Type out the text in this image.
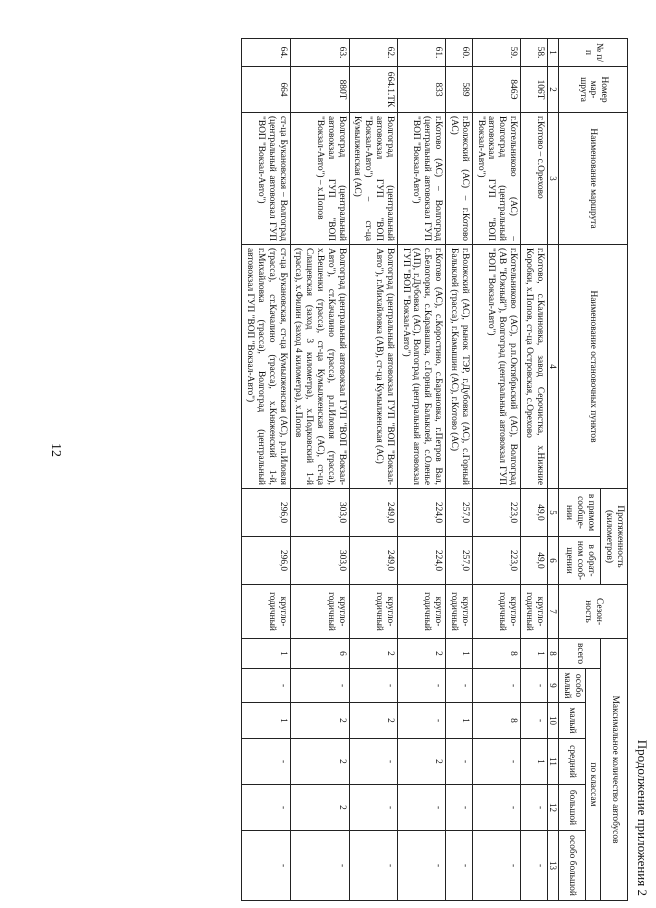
12
Продолжение приложения 2
№ п/п	Номер мар-шрута	Наименование маршрута	Наименование остановочных пунктов	Протяженность (километров)		Сезон-ность	Максимальное количество автобусов					
				в прямом сообще-нии	в обрат-ном сооб-щении		всего	по классам				
								особо малый	малый	средний	большой	особо большой
1	2	3	4	5	6	7	8	9	10	11	12	13
58.	106Т	г.Котово – с.Орехово	г.Котово, с.Калиновка, завод Серочистка, х.Нижние Коробки, х.Попов, ст-ца Островская, с.Орехово	49,0	49,0	кругло-годичный	1	-	-	1	-	-
59.	846Э	г.Котельниково (АС) – Волгоград (центральный автовокзал ГУП "ВОП "Вокзал-Авто")	г.Котельниково (АС), р.п.Октябрьский (АС), Волгоград (АВ "Южный"), Волгоград (центральный автовокзал ГУП "ВОП "Вокзал-Авто")	223,0	223,0	кругло-годичный	8	-	8	-	-	-
60.	589	г.Волжский (АС) – г.Котово (АС)	г.Волжский (АС), рынок ТЭР, г.Дубовка (АС), с.Горный Балыклей (трасса), г.Камышин (АС), г.Котово (АС)	257,0	257,0	кругло-годичный	1	-	1	-	-	-
61.	833	г.Котово (АС) – Волгоград (центральный автовокзал ГУП "ВОП "Вокзал-Авто")	г.Котово (АС), с.Коростино, с.Барановка, г.Петров Вал, с.Белогорки, с.Каравашка, с.Горный Балыклей, с.Оленье (АП), г.Дубовка (АС), Волгоград (центральный автовокзал ГУП "ВОП "Вокзал-Авто")	224,0	224,0	кругло-годичный	2	-	-	2	-	-
62.	664.1.ТК	Волгоград (центральный автовокзал ГУП "ВОП "Вокзал-Авто") – ст-ца Кумылженская (АС)	Волгоград (центральный автовокзал ГУП "ВОП "Вокзал-Авто"), г.Михайловка (АВ), ст-ца Кумылженская (АС)	249,0	249,0	кругло-годичный	2	-	2	-	-	-
63.	880Т	Волгоград (центральный автовокзал ГУП "ВОП "Вокзал-Авто") – х.Попов	Волгоград (центральный автовокзал ГУП "ВОП "Вокзал-Авто"), ст.Качалино (трасса), р.п.Иловля (трасса), х.Вешенки (трасса), ст-ца Кумылженская (АС), ст-ца Слащевская (заход 3 километра), х.Подковский 1-й (трасса), х.Филин (заход 4 километра), х.Попов	303,0	303,0	кругло-годичный	6	-	2	2	2	-
64.	664	ст-ца Букановская – Волгоград (центральный автовокзал ГУП "ВОП "Вокзал-Авто")	ст-ца Букановская, ст-ца Кумылженская (АС), р.п.Иловля (трасса), ст.Качалино (трасса), х.Княженский 1-й, г.Михайловка (трасса), Волгоград (центральный автовокзал ГУП "ВОП "Вокзал-Авто")	296,0	296,0	кругло-годичный	1	-	1	-	-	-
